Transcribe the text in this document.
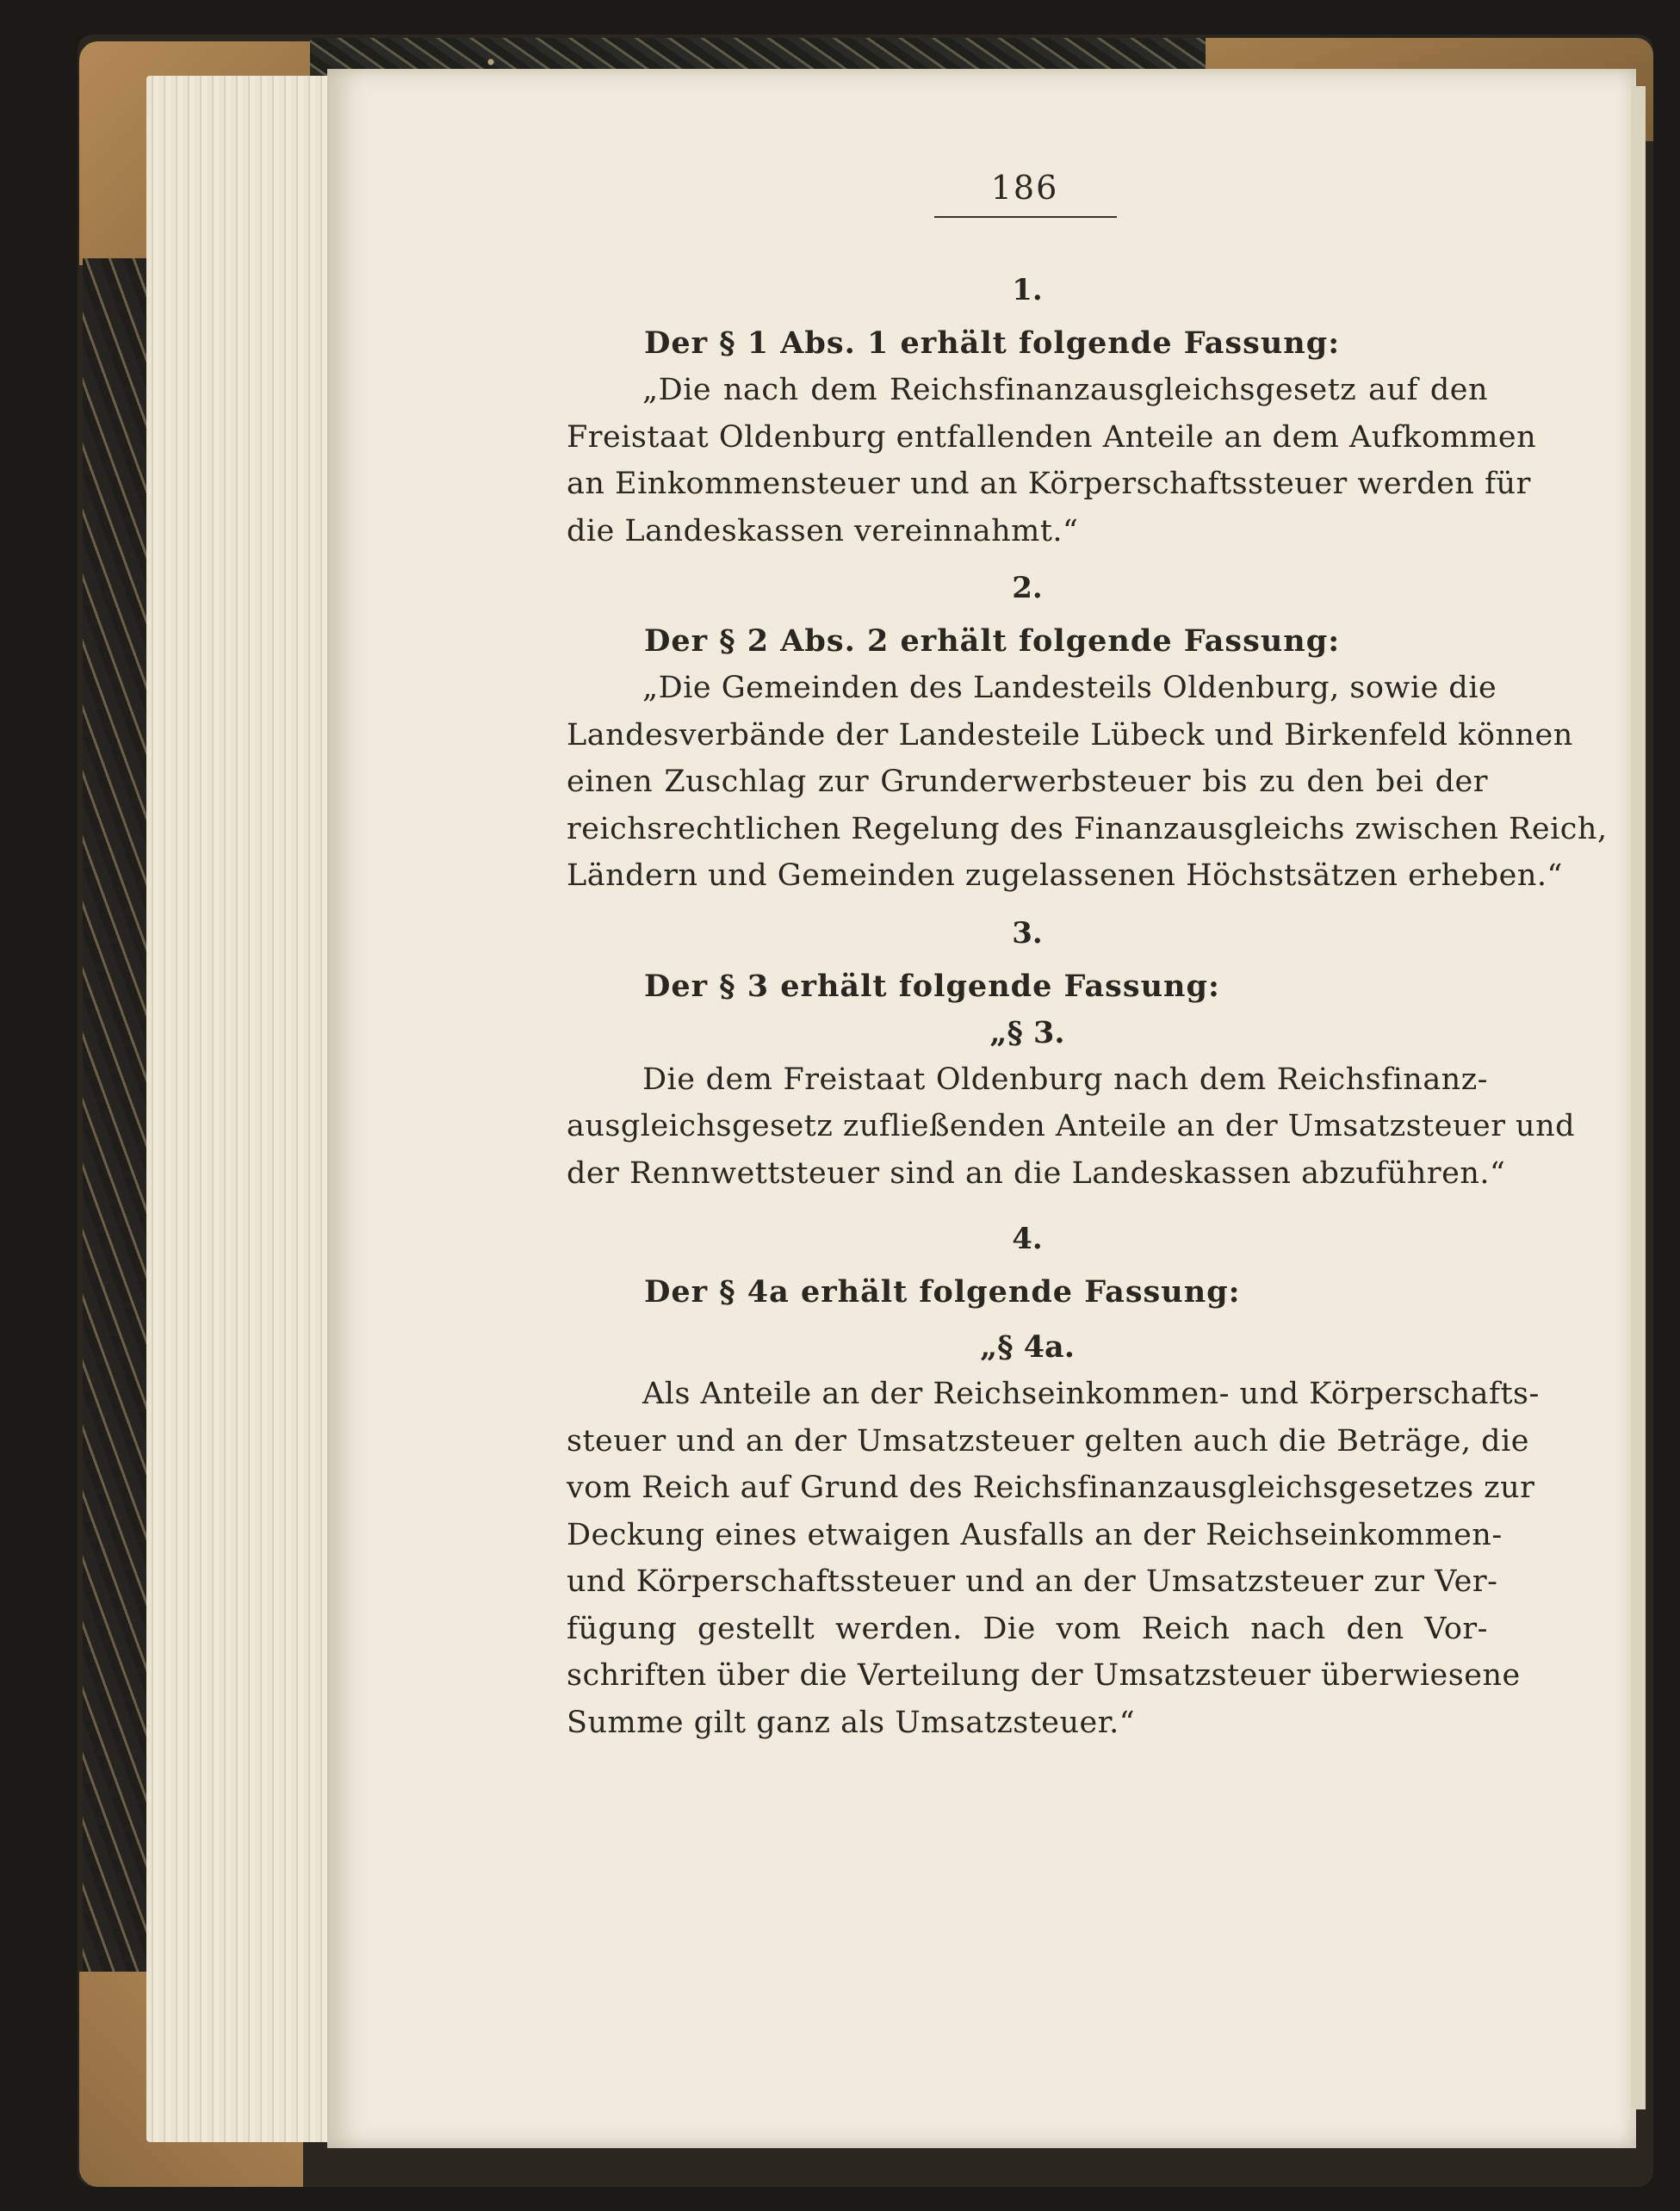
186
1.
Der § 1 Abs. 1 erhält folgende Fassung:
„Die nach dem Reichsfinanzausgleichsgesetz auf den
Freistaat Oldenburg entfallenden Anteile an dem Aufkommen
an Einkommensteuer und an Körperschaftssteuer werden für
die Landeskassen vereinnahmt.“
2.
Der § 2 Abs. 2 erhält folgende Fassung:
„Die Gemeinden des Landesteils Oldenburg, sowie die
Landesverbände der Landesteile Lübeck und Birkenfeld können
einen Zuschlag zur Grunderwerbsteuer bis zu den bei der
reichsrechtlichen Regelung des Finanzausgleichs zwischen Reich,
Ländern und Gemeinden zugelassenen Höchstsätzen erheben.“
3.
Der § 3 erhält folgende Fassung:
„§ 3.
Die dem Freistaat Oldenburg nach dem Reichsfinanz-
ausgleichsgesetz zufließenden Anteile an der Umsatzsteuer und
der Rennwettsteuer sind an die Landeskassen abzuführen.“
4.
Der § 4a erhält folgende Fassung:
„§ 4a.
Als Anteile an der Reichseinkommen- und Körperschafts-
steuer und an der Umsatzsteuer gelten auch die Beträge, die
vom Reich auf Grund des Reichsfinanzausgleichsgesetzes zur
Deckung eines etwaigen Ausfalls an der Reichseinkommen-
und Körperschaftssteuer und an der Umsatzsteuer zur Ver-
fügung gestellt werden. Die vom Reich nach den Vor-
schriften über die Verteilung der Umsatzsteuer überwiesene
Summe gilt ganz als Umsatzsteuer.“
